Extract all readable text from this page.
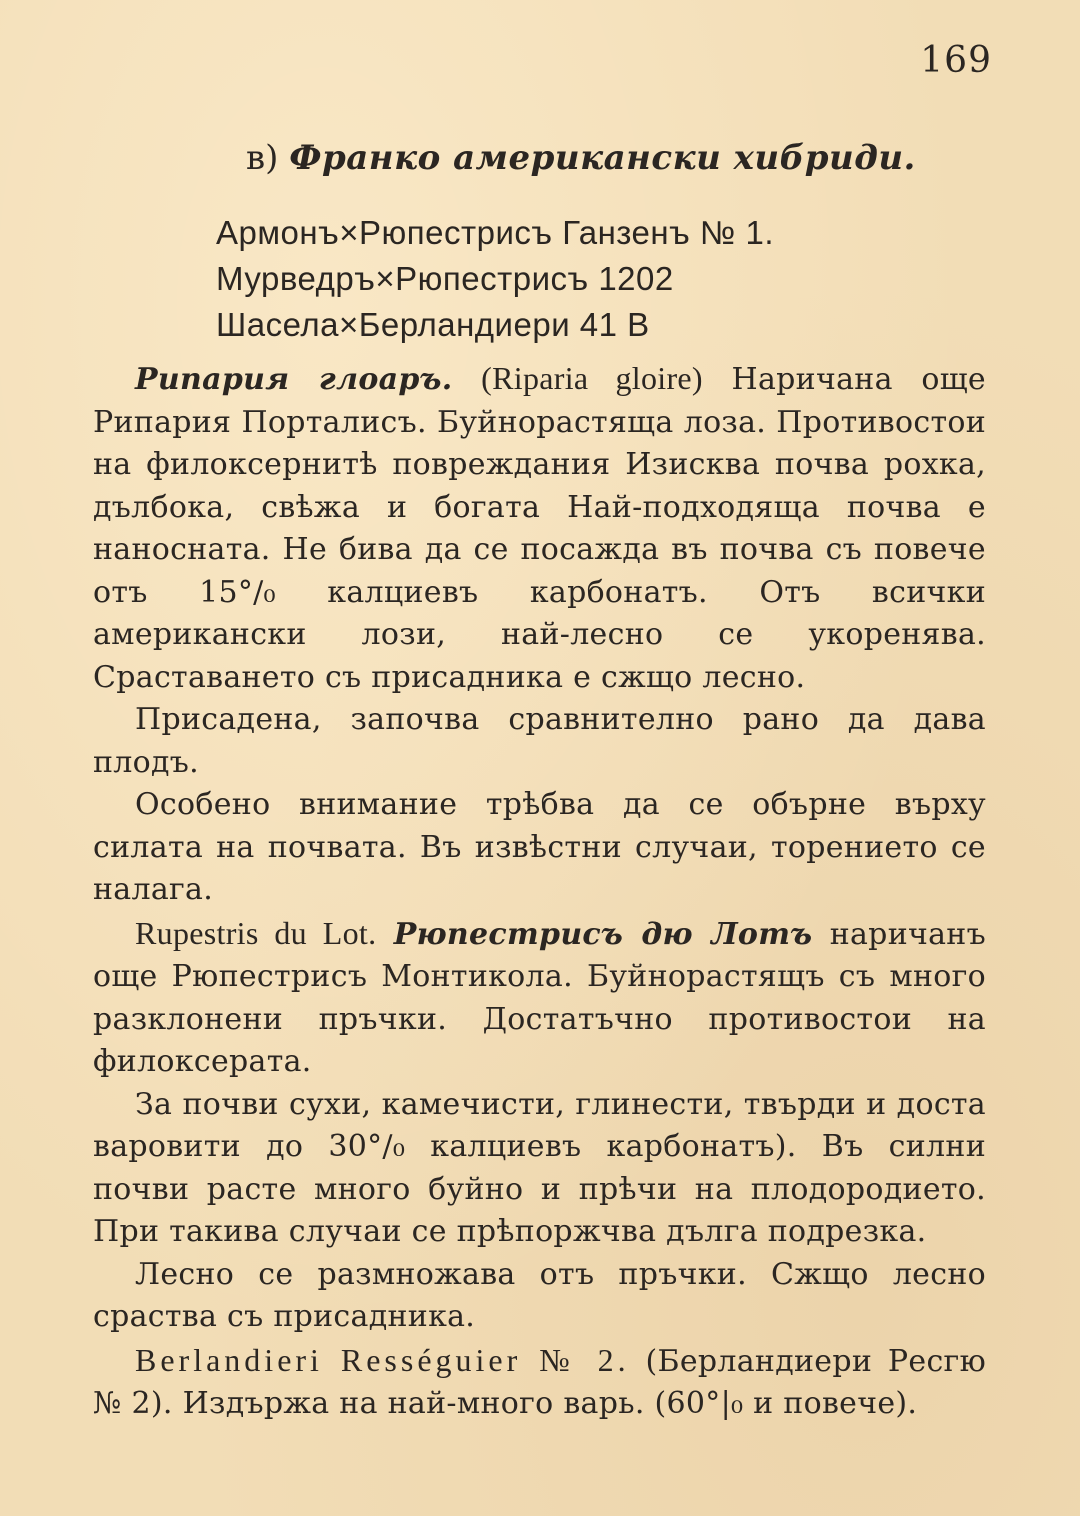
169
в) Франко американски хибриди.
Армонъ×Рюпестрисъ Ганзенъ № 1.
Мурведръ×Рюпестрисъ 1202
Шасела×Берландиери 41 В

Рипария глоаръ. (Riparia gloire) Наричана още Рипария Порталисъ. Буйнорастяща лоза. Противостои на филоксернитѣ повреждания Изисква почва рохка, дълбока, свѣжа и богата Най-подходяща почва е наносната. Не бива да се посажда въ почва съ повече отъ 15°/₀ калциевъ карбонатъ. Отъ всички американски лози, най-лесно се укоренява. Сраставането съ присадника е сжщо лесно.

Присадена, започва сравнително рано да дава плодъ.

Особено внимание трѣбва да се обърне върху силата на почвата. Въ извѣстни случаи, торението се налага.

Rupestris du Lot. Рюпестрисъ дю Лотъ наричанъ още Рюпестрисъ Монтикола. Буйнорастящъ съ много разклонени пръчки. Достатъчно противостои на филоксерата.

За почви сухи, камечисти, глинести, твърди и доста варовити до 30°/₀ калциевъ карбонатъ). Въ силни почви расте много буйно и прѣчи на плодородието. При такива случаи се прѣпоржчва дълга подрезка.

Лесно се размножава отъ пръчки. Сжщо лесно сраства съ присадника.

Berlandieri Rességuier № 2. (Берландиери Ресгю № 2). Издържа на най-много варь. (60°|₀ и повече).
